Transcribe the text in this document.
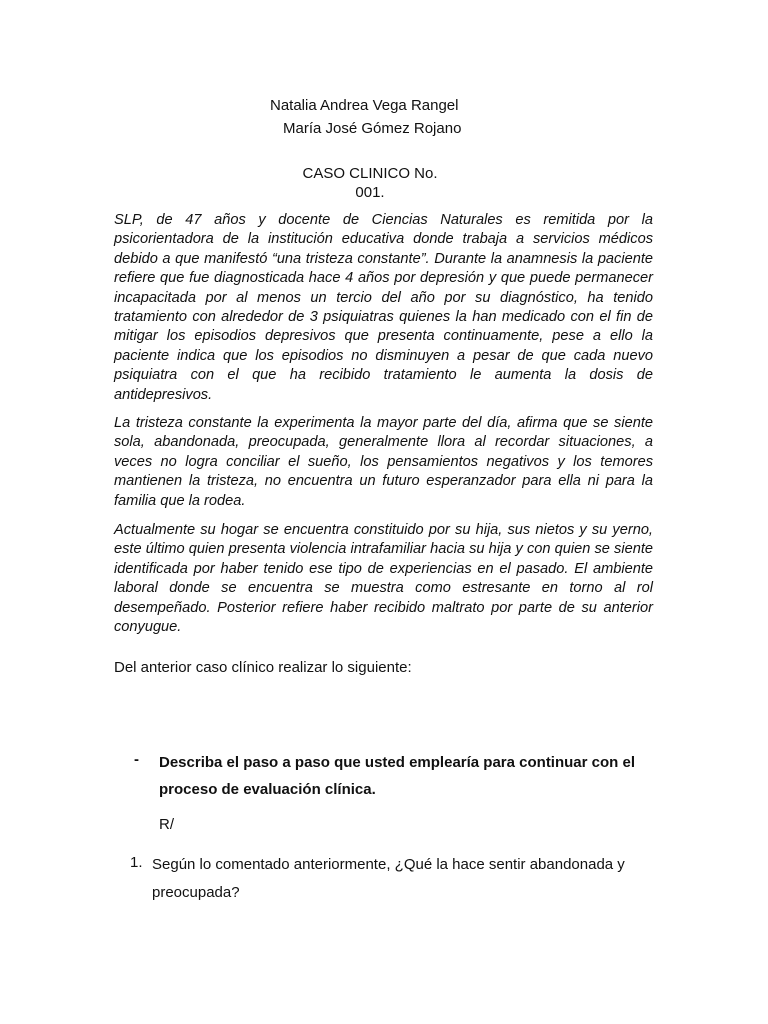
Natalia Andrea Vega Rangel
María José Gómez Rojano
CASO CLINICO No.
001.

SLP, de 47 años y docente de Ciencias Naturales es remitida por la psicorientadora de la institución educativa donde trabaja a servicios médicos debido a que manifestó “una tristeza constante”. Durante la anamnesis la paciente refiere que fue diagnosticada hace 4 años por depresión y que puede permanecer incapacitada por al menos un tercio del año por su diagnóstico, ha tenido tratamiento con alrededor de 3 psiquiatras quienes la han medicado con el fin de mitigar los episodios depresivos que presenta continuamente, pese a ello la paciente indica que los episodios no disminuyen a pesar de que cada nuevo psiquiatra con el que ha recibido tratamiento le aumenta la dosis de antidepresivos.

La tristeza constante la experimenta la mayor parte del día, afirma que se siente sola, abandonada, preocupada, generalmente llora al recordar situaciones, a veces no logra conciliar el sueño, los pensamientos negativos y los temores mantienen la tristeza, no encuentra un futuro esperanzador para ella ni para la familia que la rodea.

Actualmente su hogar se encuentra constituido por su hija, sus nietos y su yerno, este último quien presenta violencia intrafamiliar hacia su hija y con quien se siente identificada por haber tenido ese tipo de experiencias en el pasado. El ambiente laboral donde se encuentra se muestra como estresante en torno al rol desempeñado. Posterior refiere haber recibido maltrato por parte de su anterior conyugue.

Del anterior caso clínico realizar lo siguiente:
- Describa el paso a paso que usted emplearía para continuar con el proceso de evaluación clínica.
R/
1. Según lo comentado anteriormente, ¿Qué la hace sentir abandonada y preocupada?
